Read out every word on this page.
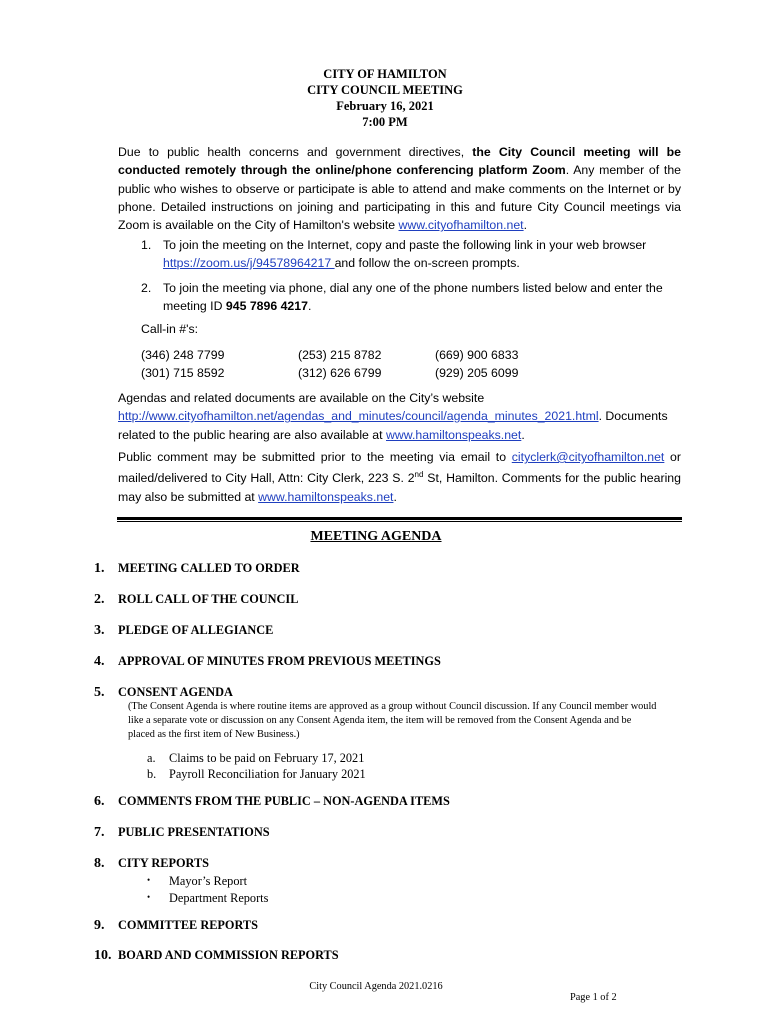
CITY OF HAMILTON
CITY COUNCIL MEETING
February 16, 2021
7:00 PM
Due to public health concerns and government directives, the City Council meeting will be conducted remotely through the online/phone conferencing platform Zoom. Any member of the public who wishes to observe or participate is able to attend and make comments on the Internet or by phone. Detailed instructions on joining and participating in this and future City Council meetings via Zoom is available on the City of Hamilton's website www.cityofhamilton.net.
1. To join the meeting on the Internet, copy and paste the following link in your web browser https://zoom.us/j/94578964217 and follow the on-screen prompts.
2. To join the meeting via phone, dial any one of the phone numbers listed below and enter the meeting ID 945 7896 4217.
Call-in #'s:
(346) 248 7799
(301) 715 8592
(253) 215 8782
(312) 626 6799
(669) 900 6833
(929) 205 6099
Agendas and related documents are available on the City’s website http://www.cityofhamilton.net/agendas_and_minutes/council/agenda_minutes_2021.html. Documents related to the public hearing are also available at www.hamiltonspeaks.net.
Public comment may be submitted prior to the meeting via email to cityclerk@cityofhamilton.net or mailed/delivered to City Hall, Attn: City Clerk, 223 S. 2nd St, Hamilton. Comments for the public hearing may also be submitted at www.hamiltonspeaks.net.
MEETING AGENDA
1. MEETING CALLED TO ORDER
2. ROLL CALL OF THE COUNCIL
3. PLEDGE OF ALLEGIANCE
4. APPROVAL OF MINUTES FROM PREVIOUS MEETINGS
5. CONSENT AGENDA
(The Consent Agenda is where routine items are approved as a group without Council discussion. If any Council member would like a separate vote or discussion on any Consent Agenda item, the item will be removed from the Consent Agenda and be placed as the first item of New Business.)
a. Claims to be paid on February 17, 2021
b. Payroll Reconciliation for January 2021
6. COMMENTS FROM THE PUBLIC – NON-AGENDA ITEMS
7. PUBLIC PRESENTATIONS
8. CITY REPORTS
• Mayor’s Report
• Department Reports
9. COMMITTEE REPORTS
10. BOARD AND COMMISSION REPORTS
City Council Agenda 2021.0216
Page 1 of 2
